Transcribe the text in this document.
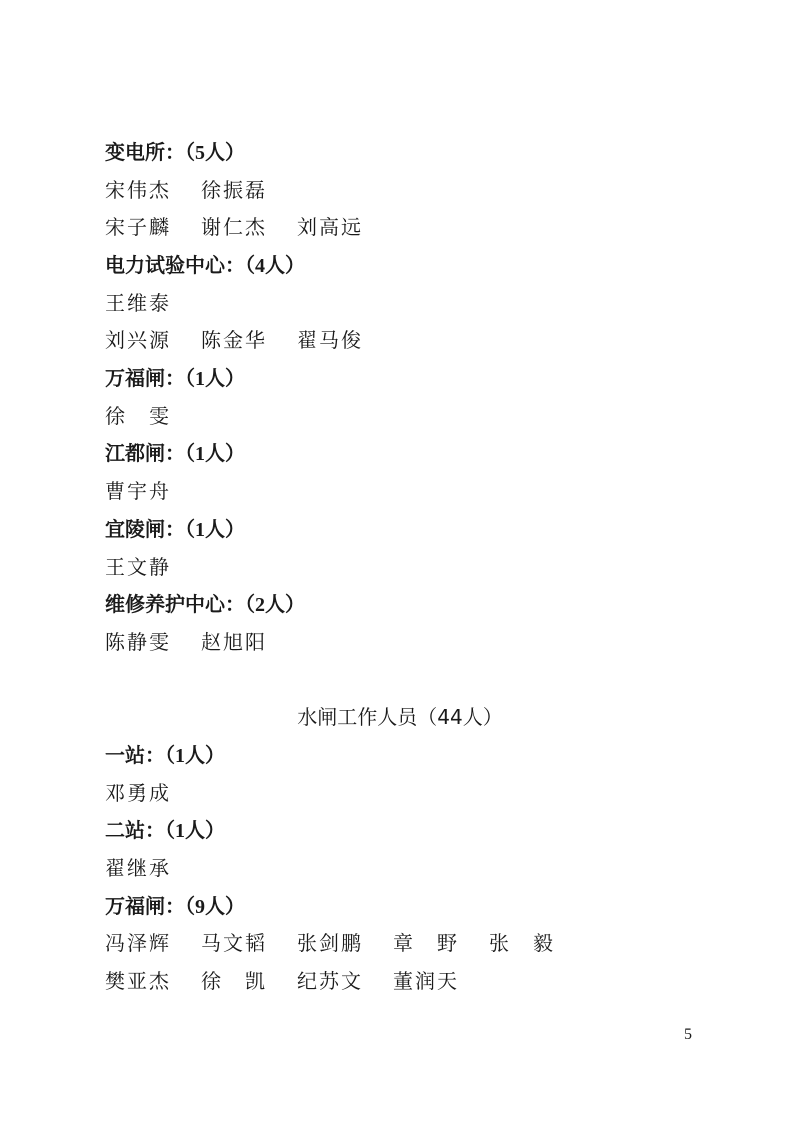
变电所：（5人）
宋伟杰 徐振磊
宋子麟 谢仁杰 刘高远
电力试验中心：（4人）
王维泰
刘兴源 陈金华 翟马俊
万福闸：（1人）
徐　雯
江都闸：（1人）
曹宇舟
宜陵闸：（1人）
王文静
维修养护中心：（2人）
陈静雯 赵旭阳
水闸工作人员（44人）
一站：（1人）
邓勇成
二站：（1人）
翟继承
万福闸：（9人）
冯泽辉 马文韬 张剑鹏 章　野 张　毅
樊亚杰 徐　凯 纪苏文 董润天
5
